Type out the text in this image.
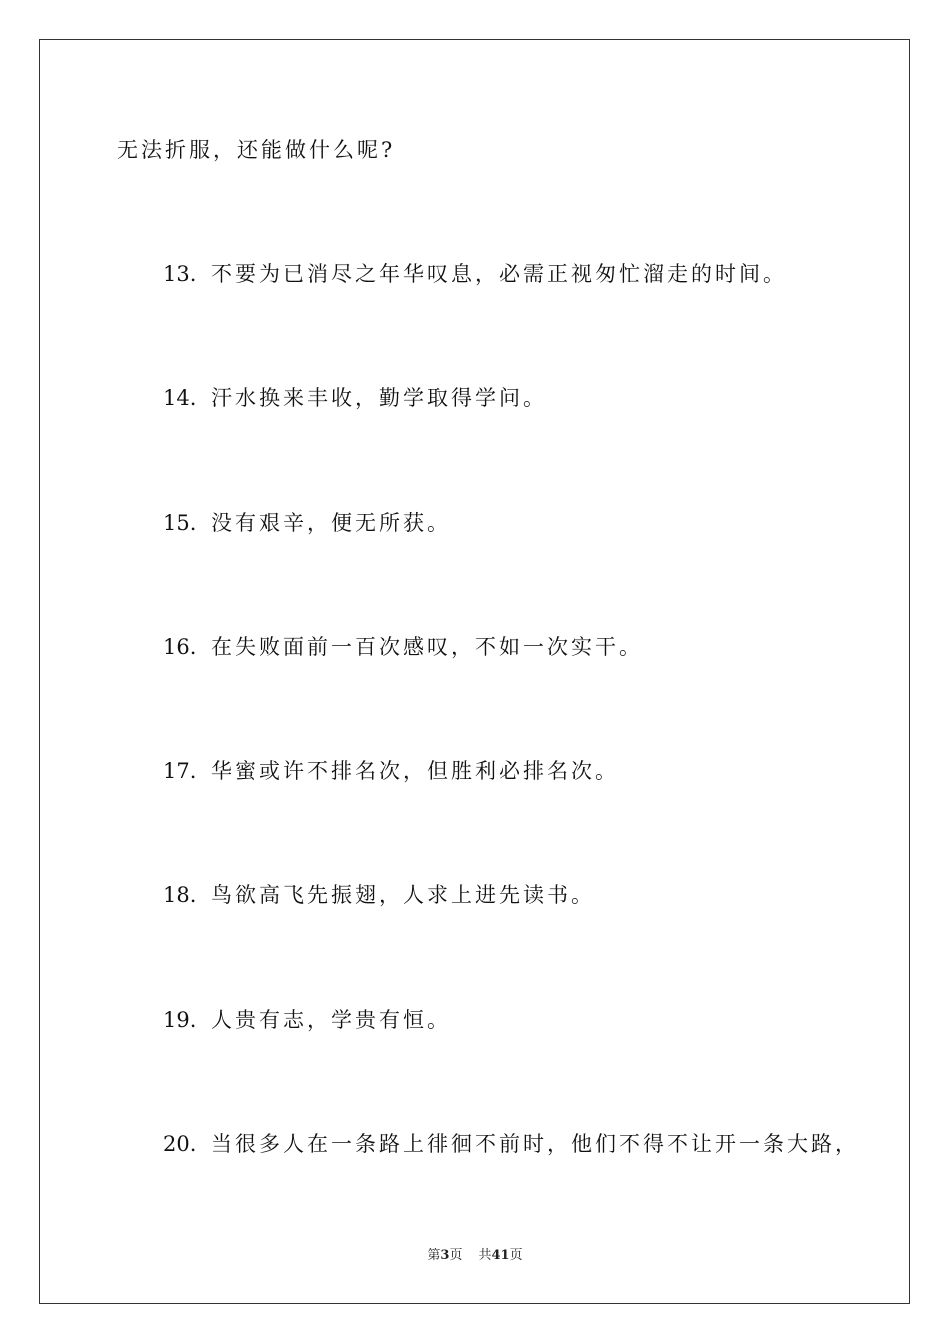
无法折服，还能做什么呢?
13. 不要为已消尽之年华叹息，必需正视匆忙溜走的时间。
14. 汗水换来丰收，勤学取得学问。
15. 没有艰辛，便无所获。
16. 在失败面前一百次感叹，不如一次实干。
17. 华蜜或许不排名次，但胜利必排名次。
18. 鸟欲高飞先振翅，人求上进先读书。
19. 人贵有志，学贵有恒。
20. 当很多人在一条路上徘徊不前时，他们不得不让开一条大路，
第3页 共41页
